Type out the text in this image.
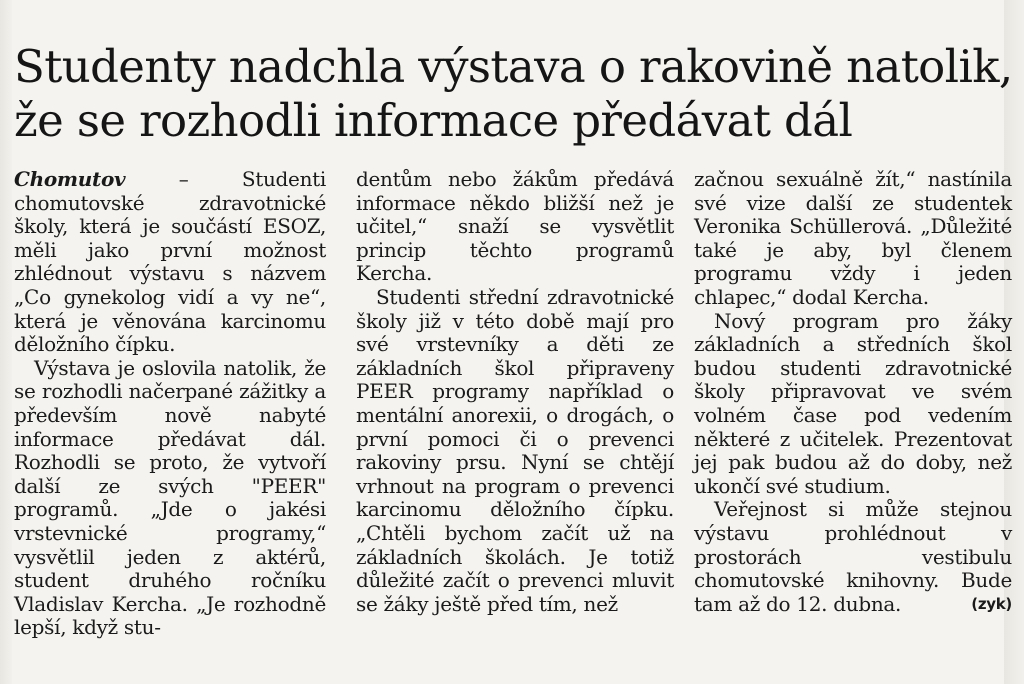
Studenty nadchla výstava o rakovině natolik,
že se rozhodli informace předávat dál

Chomutov – Studenti chomutovské zdravotnické školy, která je součástí ESOZ, měli jako první možnost zhlédnout výstavu s názvem „Co gynekolog vidí a vy ne“, která je věnována karcinomu děložního čípku.

Výstava je oslovila natolik, že se rozhodli načerpané zážitky a především nově nabyté informace předávat dál. Rozhodli se proto, že vytvoří další ze svých "PEER" programů. „Jde o jakési vrstevnické programy,“ vysvětlil jeden z aktérů, student druhého ročníku Vladislav Kercha. „Je rozhodně lepší, když stu-

dentům nebo žákům předává informace někdo bližší než je učitel,“ snaží se vysvětlit princip těchto programů Kercha.

Studenti střední zdravotnické školy již v této době mají pro své vrstevníky a děti ze základních škol připraveny PEER programy například o mentální anorexii, o drogách, o první pomoci či o prevenci rakoviny prsu. Nyní se chtějí vrhnout na program o prevenci karcinomu děložního čípku. „Chtěli bychom začít už na základních školách. Je totiž důležité začít o prevenci mluvit se žáky ještě před tím, než

začnou sexuálně žít,“ nastínila své vize další ze studentek Veronika Schüllerová. „Důležité také je aby, byl členem programu vždy i jeden chlapec,“ dodal Kercha.

Nový program pro žáky základních a středních škol budou studenti zdravotnické školy připravovat ve svém volném čase pod vedením některé z učitelek. Prezentovat jej pak budou až do doby, než ukončí své studium.

Veřejnost si může stejnou výstavu prohlédnout v prostorách vestibulu chomutovské knihovny. Bude tam až do 12. dubna.	(zyk)
